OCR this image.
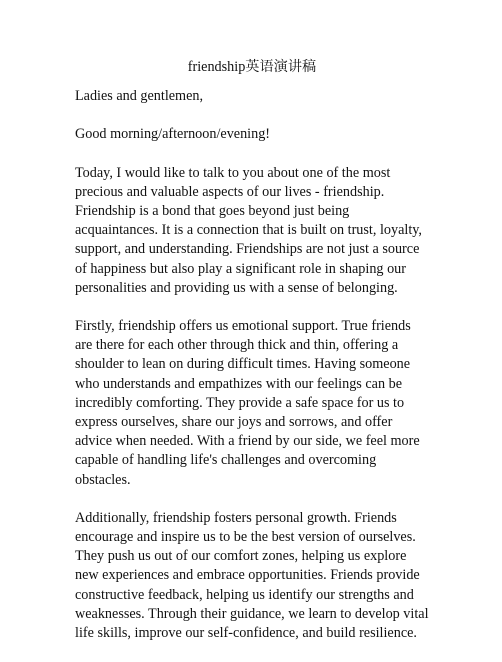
friendship英语演讲稿

Ladies and gentlemen,

Good morning/afternoon/evening!

Today, I would like to talk to you about one of the most precious and valuable aspects of our lives - friendship. Friendship is a bond that goes beyond just being acquaintances. It is a connection that is built on trust, loyalty, support, and understanding. Friendships are not just a source of happiness but also play a significant role in shaping our personalities and providing us with a sense of belonging.

Firstly, friendship offers us emotional support. True friends are there for each other through thick and thin, offering a shoulder to lean on during difficult times. Having someone who understands and empathizes with our feelings can be incredibly comforting. They provide a safe space for us to express ourselves, share our joys and sorrows, and offer advice when needed. With a friend by our side, we feel more capable of handling life's challenges and overcoming obstacles.

Additionally, friendship fosters personal growth. Friends encourage and inspire us to be the best version of ourselves. They push us out of our comfort zones, helping us explore new experiences and embrace opportunities. Friends provide constructive feedback, helping us identify our strengths and weaknesses. Through their guidance, we learn to develop vital life skills, improve our self-confidence, and build resilience.
